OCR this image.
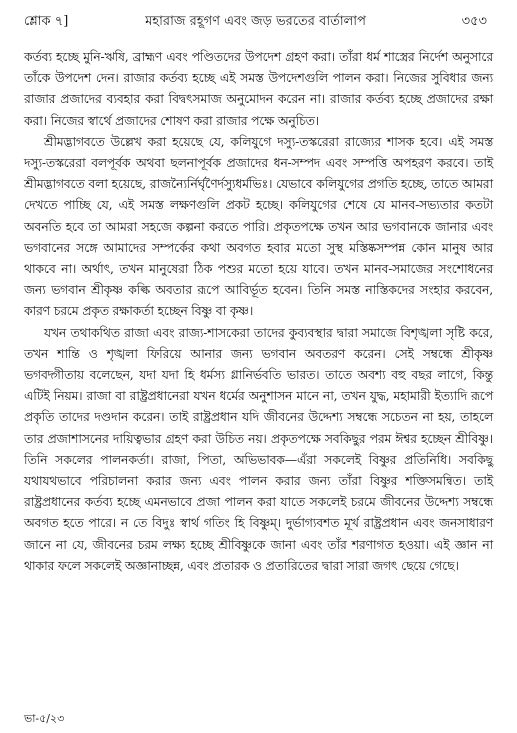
শ্লোক ৭]	মহারাজ রহূগণ এবং জড় ভরতের বার্তালাপ	৩৫৩

কর্তব্য হচ্ছে মুনি-ঋষি, ব্রাহ্মণ এবং পণ্ডিতদের উপদেশ গ্রহণ করা। তাঁরা ধর্ম শাস্ত্রের নির্দেশ অনুসারে তাঁকে উপদেশ দেন। রাজার কর্তব্য হচ্ছে এই সমস্ত উপদেশগুলি পালন করা। নিজের সুবিধার জন্য রাজার প্রজাদের ব্যবহার করা বিদ্বৎসমাজ অনুমোদন করেন না। রাজার কর্তব্য হচ্ছে প্রজাদের রক্ষা করা। নিজের স্বার্থে প্রজাদের শোষণ করা রাজার পক্ষে অনুচিত।

শ্রীমদ্ভাগবতে উল্লেখ করা হয়েছে যে, কলিযুগে দস্যু-তস্করেরা রাজ্যের শাসক হবে। এই সমস্ত দস্যু-তস্করেরা বলপূর্বক অথবা ছলনাপূর্বক প্রজাদের ধন-সম্পদ এবং সম্পত্তি অপহরণ করবে। তাই শ্রীমদ্ভাগবতে বলা হয়েছে, রাজন্যৈর্নির্ঘৃণৈর্দস্যুধর্মভিঃ। যেভাবে কলিযুগের প্রগতি হচ্ছে, তাতে আমরা দেখতে পাচ্ছি যে, এই সমস্ত লক্ষণগুলি প্রকট হচ্ছে। কলিযুগের শেষে যে মানব-সভ্যতার কতটা অবনতি হবে তা আমরা সহজে কল্পনা করতে পারি। প্রকৃতপক্ষে তখন আর ভগবানকে জানার এবং ভগবানের সঙ্গে আমাদের সম্পর্কের কথা অবগত হবার মতো সুস্থ মস্তিষ্কসম্পন্ন কোন মানুষ আর থাকবে না। অর্থাৎ, তখন মানুষেরা ঠিক পশুর মতো হয়ে যাবে। তখন মানব-সমাজের সংশোধনের জন্য ভগবান শ্রীকৃষ্ণ কল্কি অবতার রূপে আবির্ভূত হবেন। তিনি সমস্ত নাস্তিকদের সংহার করবেন, কারণ চরমে প্রকৃত রক্ষাকর্তা হচ্ছেন বিষ্ণু বা কৃষ্ণ।

যখন তথাকথিত রাজা এবং রাজ্য-শাসকেরা তাদের কুব্যবস্থার দ্বারা সমাজে বিশৃঙ্খলা সৃষ্টি করে, তখন শান্তি ও শৃঙ্খলা ফিরিয়ে আনার জন্য ভগবান অবতরণ করেন। সেই সম্বন্ধে শ্রীকৃষ্ণ ভগবদ্গীতায় বলেছেন, যদা যদা হি ধর্মস্য গ্লানির্ভবতি ভারত। তাতে অবশ্য বহু বছর লাগে, কিন্তু এটিই নিয়ম। রাজা বা রাষ্ট্রপ্রধানেরা যখন ধর্মের অনুশাসন মানে না, তখন যুদ্ধ, মহামারী ইত্যাদি রূপে প্রকৃতি তাদের দণ্ডদান করেন। তাই রাষ্ট্রপ্রধান যদি জীবনের উদ্দেশ্য সম্বন্ধে সচেতন না হয়, তাহলে তার প্রজাশাসনের দায়িত্বভার গ্রহণ করা উচিত নয়। প্রকৃতপক্ষে সবকিছুর পরম ঈশ্বর হচ্ছেন শ্রীবিষ্ণু। তিনি সকলের পালনকর্তা। রাজা, পিতা, অভিভাবক—এঁরা সকলেই বিষ্ণুর প্রতিনিধি। সবকিছু যথাযথভাবে পরিচালনা করার জন্য এবং পালন করার জন্য তাঁরা বিষ্ণুর শক্তিসমন্বিত। তাই রাষ্ট্রপ্রধানের কর্তব্য হচ্ছে এমনভাবে প্রজা পালন করা যাতে সকলেই চরমে জীবনের উদ্দেশ্য সম্বন্ধে অবগত হতে পারে। ন তে বিদুঃ স্বার্থ গতিং হি বিষ্ণুম্। দুর্ভাগ্যবশত মূর্খ রাষ্ট্রপ্রধান এবং জনসাধারণ জানে না যে, জীবনের চরম লক্ষ্য হচ্ছে শ্রীবিষ্ণুকে জানা এবং তাঁর শরণাগত হওয়া। এই জ্ঞান না থাকার ফলে সকলেই অজ্ঞানাচ্ছন্ন, এবং প্রতারক ও প্রতারিতের দ্বারা সারা জগৎ ছেয়ে গেছে।

ভা-৫/২৩
